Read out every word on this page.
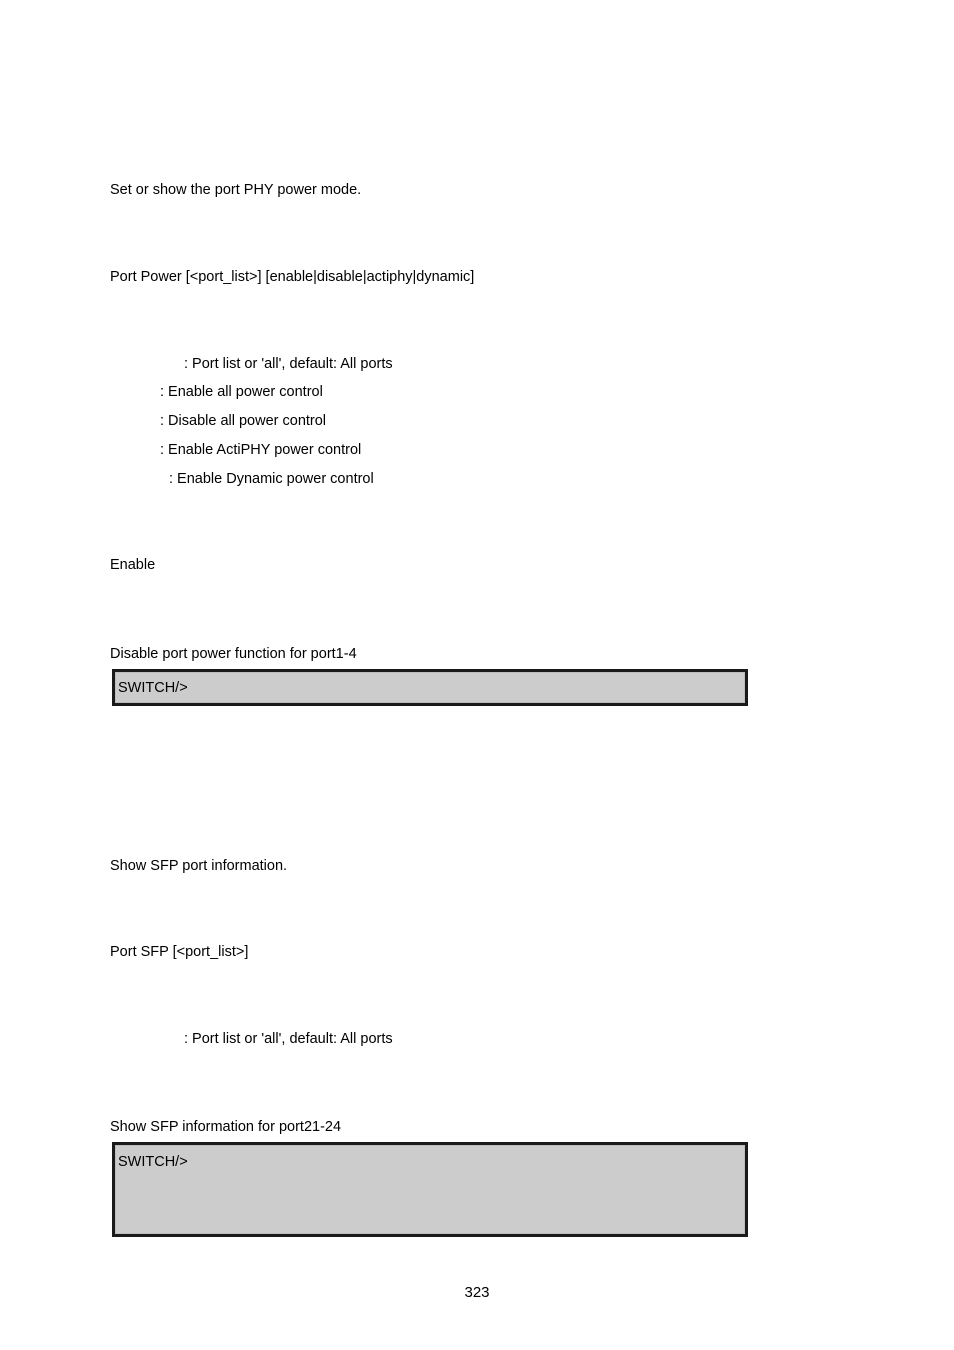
Set or show the port PHY power mode.
Port Power [<port_list>] [enable|disable|actiphy|dynamic]
: Port list or 'all', default: All ports
: Enable all power control
: Disable all power control
: Enable ActiPHY power control
: Enable Dynamic power control
Enable
Disable port power function for port1-4
SWITCH/>
Show SFP port information.
Port SFP [<port_list>]
: Port list or 'all', default: All ports
Show SFP information for port21-24
SWITCH/>
323
